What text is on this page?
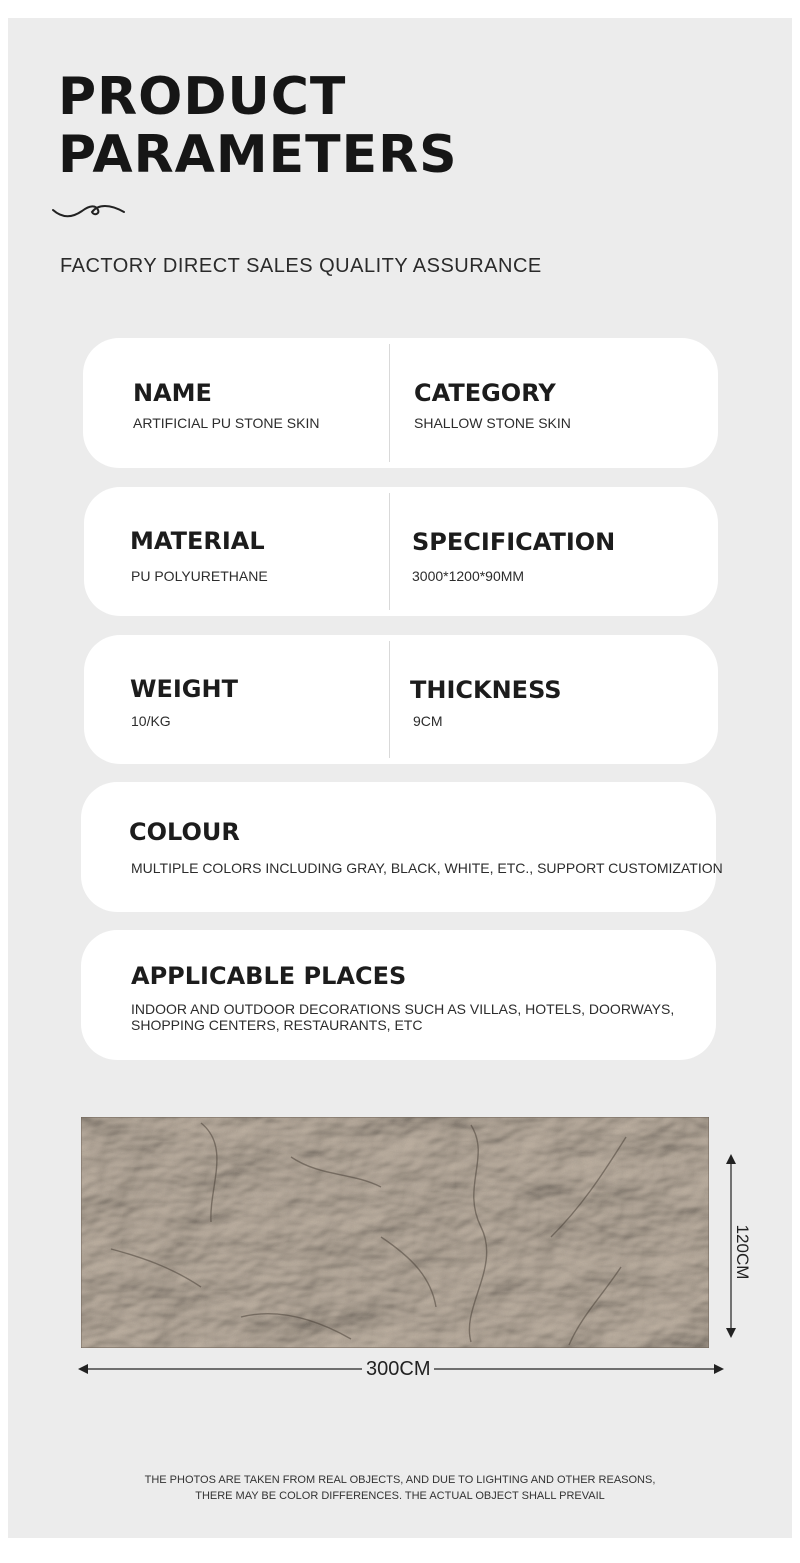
PRODUCT
PARAMETERS
FACTORY DIRECT SALES QUALITY ASSURANCE
NAME
ARTIFICIAL PU STONE SKIN
CATEGORY
SHALLOW STONE SKIN
MATERIAL
PU POLYURETHANE
SPECIFICATION
3000*1200*90MM
WEIGHT
10/KG
THICKNESS
9CM
COLOUR
MULTIPLE COLORS INCLUDING GRAY, BLACK, WHITE, ETC., SUPPORT CUSTOMIZATION
APPLICABLE PLACES
INDOOR AND OUTDOOR DECORATIONS SUCH AS VILLAS, HOTELS, DOORWAYS, SHOPPING CENTERS, RESTAURANTS, ETC
300CM
120CM
THE PHOTOS ARE TAKEN FROM REAL OBJECTS, AND DUE TO LIGHTING AND OTHER REASONS,
THERE MAY BE COLOR DIFFERENCES. THE ACTUAL OBJECT SHALL PREVAIL
